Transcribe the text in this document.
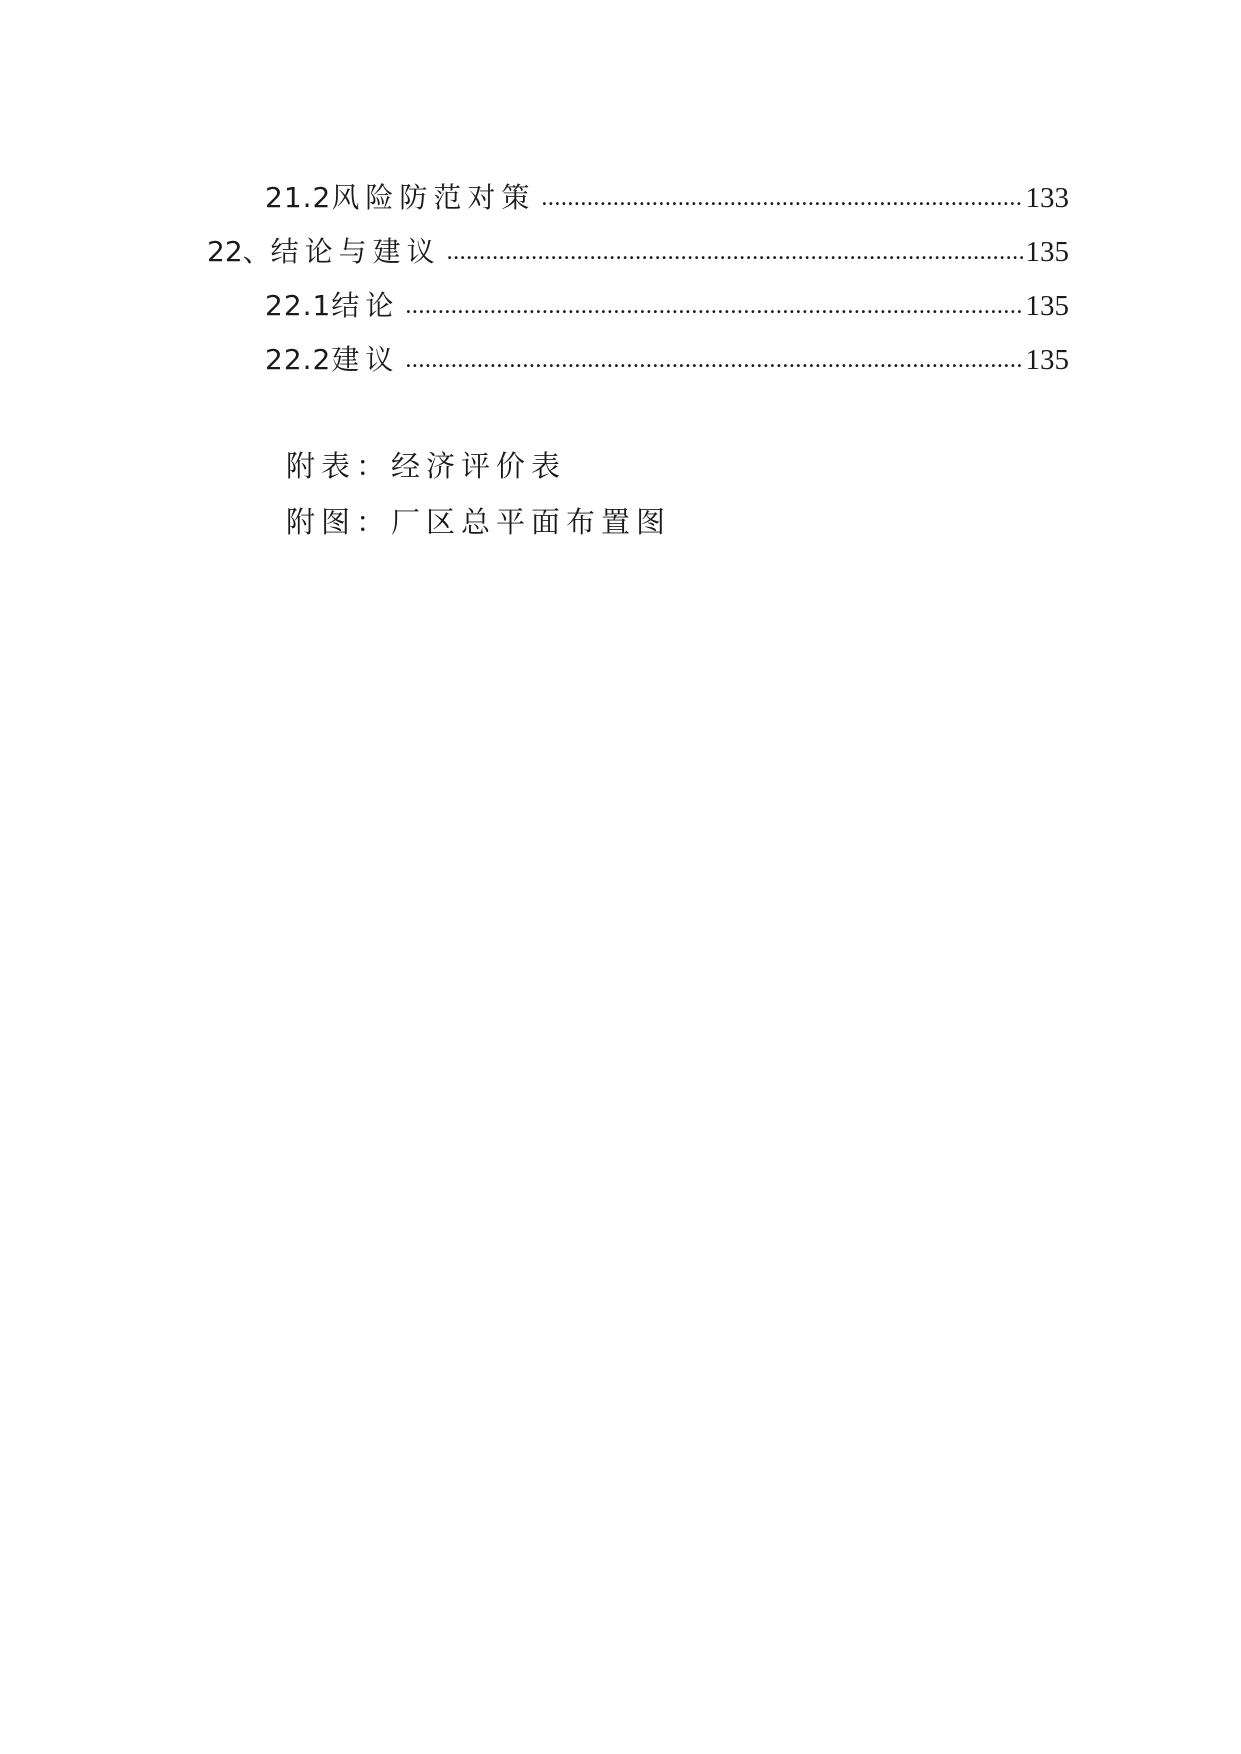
21.2 风险防范对策 .....	133
22、 结论与建议 .....	135
22.1 结论 .....	135
22.2 建议 .....	135
附表：经济评价表
附图：厂区总平面布置图
